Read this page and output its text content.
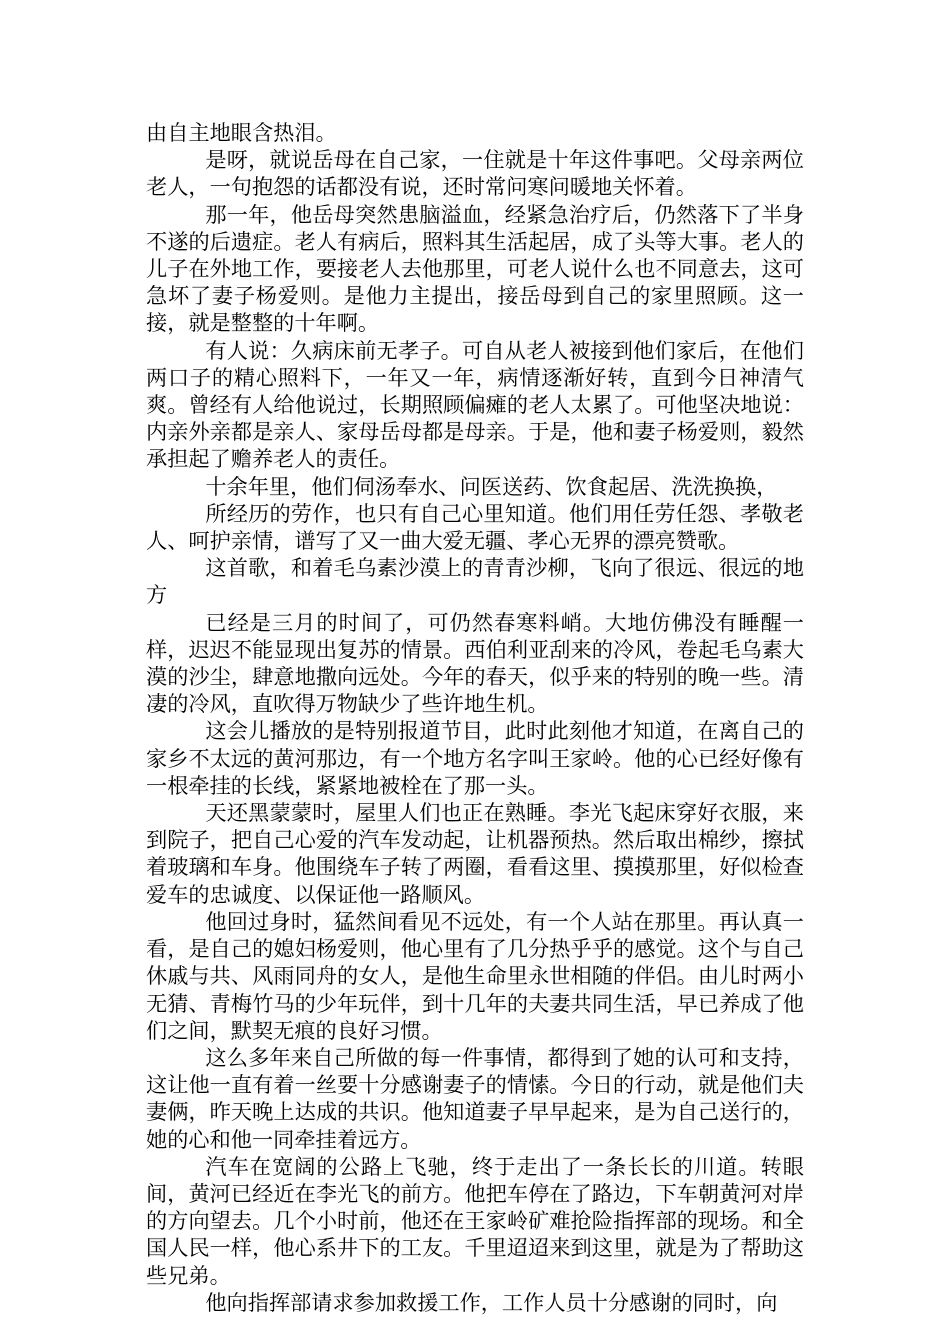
由自主地眼含热泪。

是呀，就说岳母在自己家，一住就是十年这件事吧。父母亲两位老人，一句抱怨的话都没有说，还时常问寒问暖地关怀着。

那一年，他岳母突然患脑溢血，经紧急治疗后，仍然落下了半身不遂的后遗症。老人有病后，照料其生活起居，成了头等大事。老人的儿子在外地工作，要接老人去他那里，可老人说什么也不同意去，这可急坏了妻子杨爱则。是他力主提出，接岳母到自己的家里照顾。这一接，就是整整的十年啊。

有人说：久病床前无孝子。可自从老人被接到他们家后，在他们两口子的精心照料下，一年又一年，病情逐渐好转，直到今日神清气爽。曾经有人给他说过，长期照顾偏瘫的老人太累了。可他坚决地说：内亲外亲都是亲人、家母岳母都是母亲。于是，他和妻子杨爱则，毅然承担起了赡养老人的责任。

十余年里，他们伺汤奉水、问医送药、饮食起居、洗洗换换，

所经历的劳作，也只有自己心里知道。他们用任劳任怨、孝敬老人、呵护亲情，谱写了又一曲大爱无疆、孝心无界的漂亮赞歌。

这首歌，和着毛乌素沙漠上的青青沙柳，飞向了很远、很远的地方

已经是三月的时间了，可仍然春寒料峭。大地仿佛没有睡醒一样，迟迟不能显现出复苏的情景。西伯利亚刮来的冷风，卷起毛乌素大漠的沙尘，肆意地撒向远处。今年的春天，似乎来的特别的晚一些。清凄的冷风，直吹得万物缺少了些许地生机。

这会儿播放的是特别报道节目，此时此刻他才知道，在离自己的家乡不太远的黄河那边，有一个地方名字叫王家岭。他的心已经好像有一根牵挂的长线，紧紧地被栓在了那一头。

天还黑蒙蒙时，屋里人们也正在熟睡。李光飞起床穿好衣服，来到院子，把自己心爱的汽车发动起，让机器预热。然后取出棉纱，擦拭着玻璃和车身。他围绕车子转了两圈，看看这里、摸摸那里，好似检查爱车的忠诚度、以保证他一路顺风。

他回过身时，猛然间看见不远处，有一个人站在那里。再认真一看，是自己的媳妇杨爱则，他心里有了几分热乎乎的感觉。这个与自己休戚与共、风雨同舟的女人，是他生命里永世相随的伴侣。由儿时两小无猜、青梅竹马的少年玩伴，到十几年的夫妻共同生活，早已养成了他们之间，默契无痕的良好习惯。

这么多年来自己所做的每一件事情，都得到了她的认可和支持，这让他一直有着一丝要十分感谢妻子的情愫。今日的行动，就是他们夫妻俩，昨天晚上达成的共识。他知道妻子早早起来，是为自己送行的，她的心和他一同牵挂着远方。

汽车在宽阔的公路上飞驰，终于走出了一条长长的川道。转眼间，黄河已经近在李光飞的前方。他把车停在了路边，下车朝黄河对岸的方向望去。几个小时前，他还在王家岭矿难抢险指挥部的现场。和全国人民一样，他心系井下的工友。千里迢迢来到这里，就是为了帮助这些兄弟。

他向指挥部请求参加救援工作，工作人员十分感谢的同时，向
